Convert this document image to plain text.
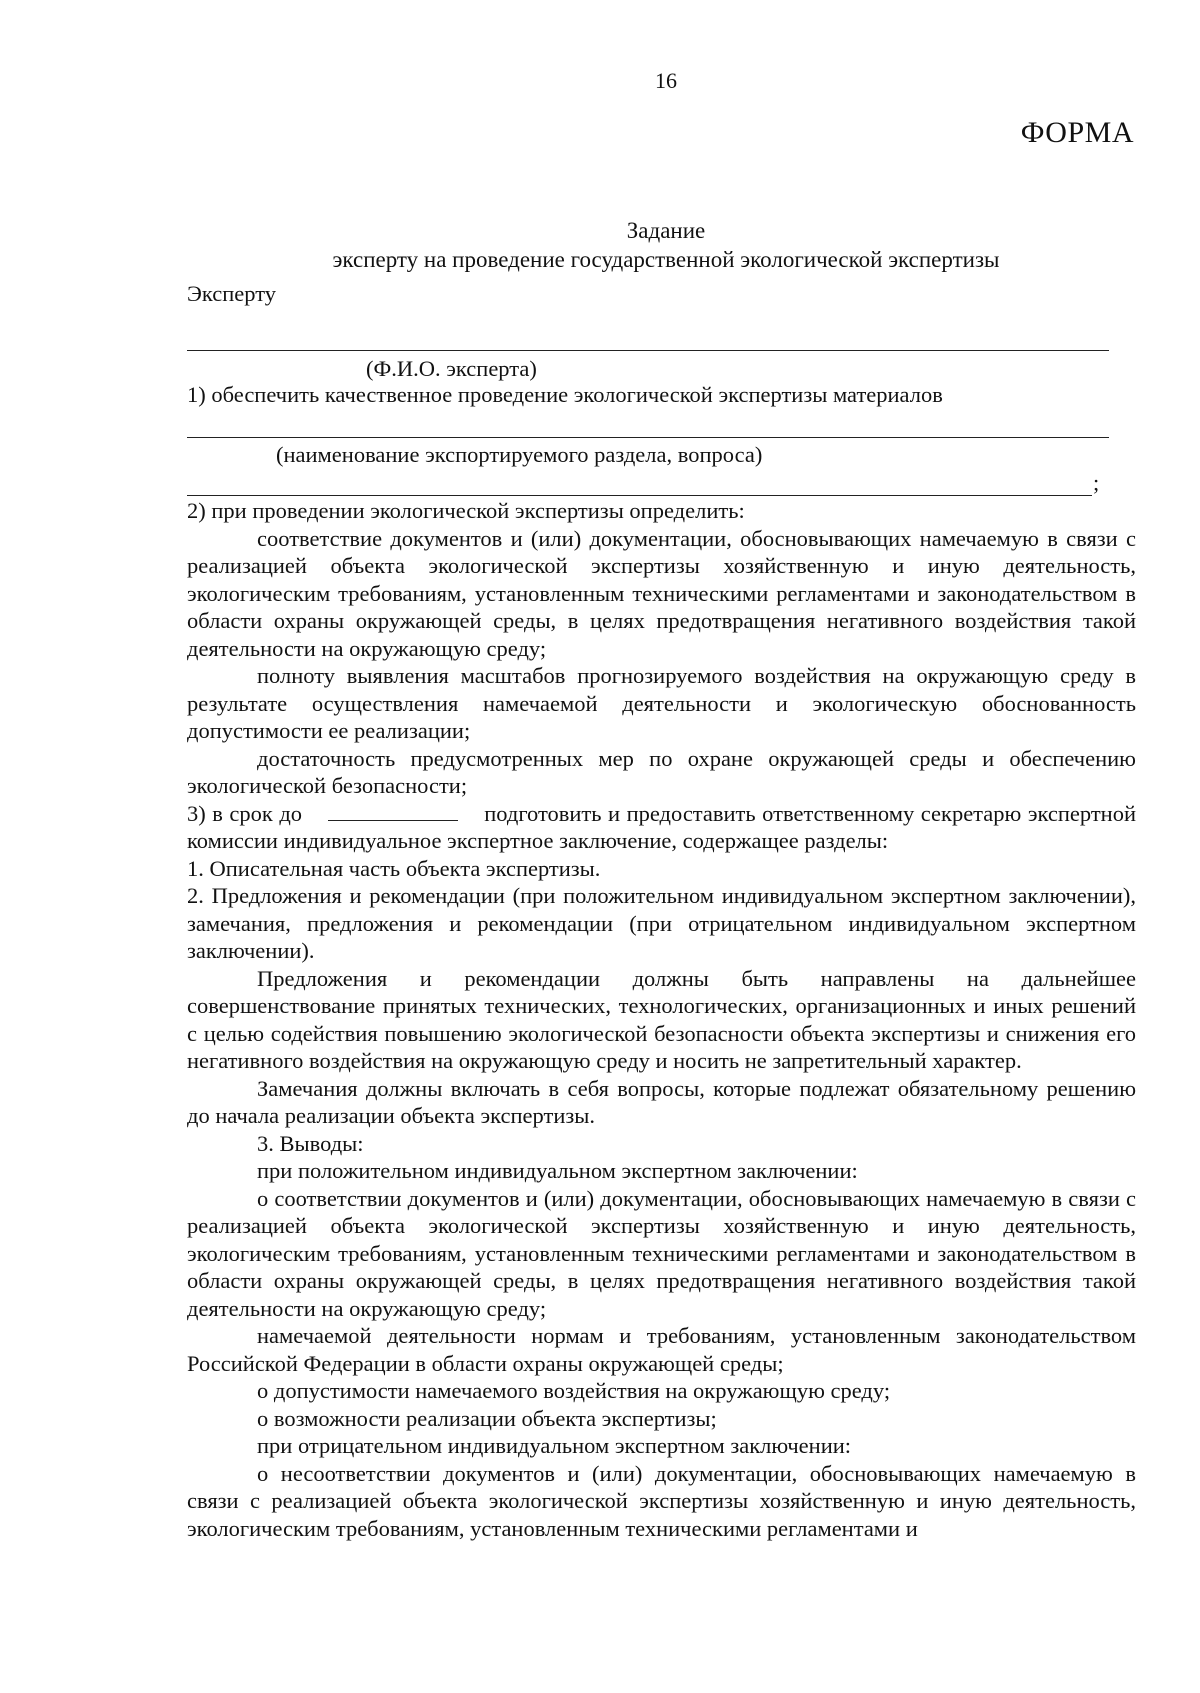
16
ФОРМА
Задание
эксперту на проведение государственной экологической экспертизы
Эксперту
(Ф.И.О. эксперта)
1) обеспечить качественное проведение экологической экспертизы материалов
(наименование экспортируемого раздела, вопроса)
;

2) при проведении экологической экспертизы определить:

соответствие документов и (или) документации, обосновывающих намечаемую в связи с реализацией объекта экологической экспертизы хозяйственную и иную деятельность, экологическим требованиям, установленным техническими регламентами и законодательством в области охраны окружающей среды, в целях предотвращения негативного воздействия такой деятельности на окружающую среду;

полноту выявления масштабов прогнозируемого воздействия на окружающую среду в результате осуществления намечаемой деятельности и экологическую обоснованность допустимости ее реализации;

достаточность предусмотренных мер по охране окружающей среды и обеспечению экологической безопасности;

3) в срок до	подготовить и предоставить ответственному секретарю экспертной комиссии индивидуальное экспертное заключение, содержащее разделы:

1. Описательная часть объекта экспертизы.

2. Предложения и рекомендации (при положительном индивидуальном экспертном заключении), замечания, предложения и рекомендации (при отрицательном индивидуальном экспертном заключении).

Предложения и рекомендации должны быть направлены на дальнейшее совершенствование принятых технических, технологических, организационных и иных решений с целью содействия повышению экологической безопасности объекта экспертизы и снижения его негативного воздействия на окружающую среду и носить не запретительный характер.

Замечания должны включать в себя вопросы, которые подлежат обязательному решению до начала реализации объекта экспертизы.

3. Выводы:

при положительном индивидуальном экспертном заключении:

о соответствии документов и (или) документации, обосновывающих намечаемую в связи с реализацией объекта экологической экспертизы хозяйственную и иную деятельность, экологическим требованиям, установленным техническими регламентами и законодательством в области охраны окружающей среды, в целях предотвращения негативного воздействия такой деятельности на окружающую среду;

намечаемой деятельности нормам и требованиям, установленным законодательством Российской Федерации в области охраны окружающей среды;

о допустимости намечаемого воздействия на окружающую среду;

о возможности реализации объекта экспертизы;

при отрицательном индивидуальном экспертном заключении:

о несоответствии документов и (или) документации, обосновывающих намечаемую в связи с реализацией объекта экологической экспертизы хозяйственную и иную деятельность, экологическим требованиям, установленным техническими регламентами и
